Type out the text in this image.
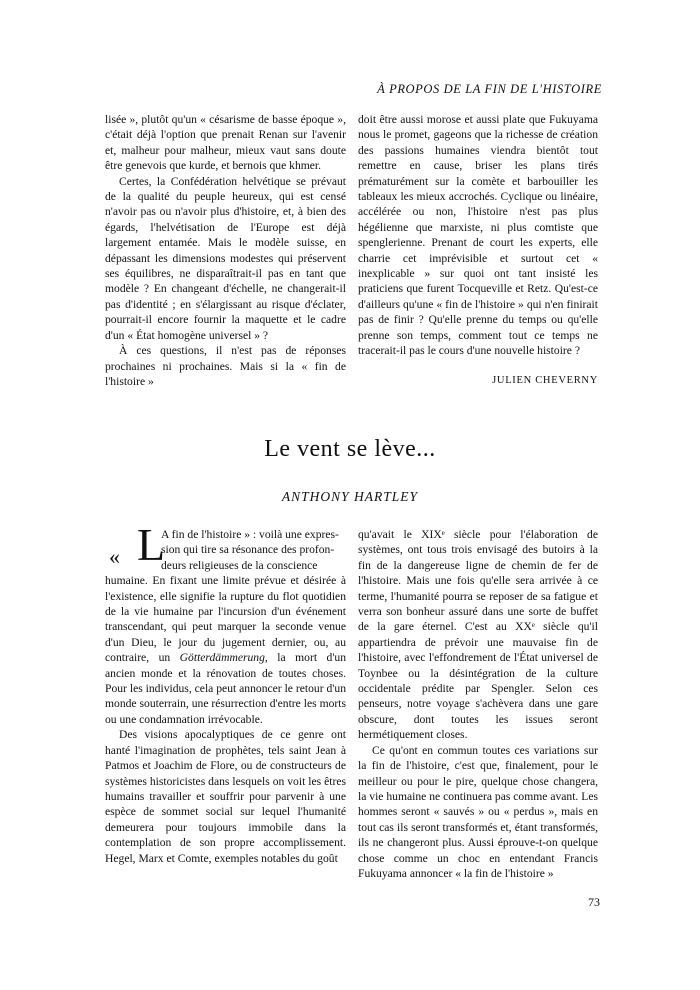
À PROPOS DE LA FIN DE L'HISTOIRE

lisée », plutôt qu'un « césarisme de basse époque », c'était déjà l'option que prenait Renan sur l'avenir et, malheur pour malheur, mieux vaut sans doute être genevois que kurde, et bernois que khmer.

Certes, la Confédération helvétique se prévaut de la qualité du peuple heureux, qui est censé n'avoir pas ou n'avoir plus d'histoire, et, à bien des égards, l'helvétisation de l'Europe est déjà largement entamée. Mais le modèle suisse, en dépassant les dimensions modestes qui préservent ses équilibres, ne disparaîtrait-il pas en tant que modèle ? En changeant d'échelle, ne changerait-il pas d'identité ; en s'élargissant au risque d'éclater, pourrait-il encore fournir la maquette et le cadre d'un « État homogène universel » ?

À ces questions, il n'est pas de réponses prochaines ni prochaines. Mais si la « fin de l'histoire »

doit être aussi morose et aussi plate que Fukuyama nous le promet, gageons que la richesse de création des passions humaines viendra bientôt tout remettre en cause, briser les plans tirés prématurément sur la comète et barbouiller les tableaux les mieux accrochés. Cyclique ou linéaire, accélérée ou non, l'histoire n'est pas plus hégélienne que marxiste, ni plus comtiste que spenglerienne. Prenant de court les experts, elle charrie cet imprévisible et surtout cet « inexplicable » sur quoi ont tant insisté les praticiens que furent Tocqueville et Retz. Qu'est-ce d'ailleurs qu'une « fin de l'histoire » qui n'en finirait pas de finir ? Qu'elle prenne du temps ou qu'elle prenne son temps, comment tout ce temps ne tracerait-il pas le cours d'une nouvelle histoire ?

JULIEN CHEVERNY
Le vent se lève...
ANTHONY HARTLEY
« L
A fin de l'histoire » : voilà une expres-
sion qui tire sa résonance des profon-
deurs religieuses de la conscience

humaine. En fixant une limite prévue et désirée à l'existence, elle signifie la rupture du flot quotidien de la vie humaine par l'incursion d'un événement transcendant, qui peut marquer la seconde venue d'un Dieu, le jour du jugement dernier, ou, au contraire, un Götterdämmerung, la mort d'un ancien monde et la rénovation de toutes choses. Pour les individus, cela peut annoncer le retour d'un monde souterrain, une résurrection d'entre les morts ou une condamnation irrévocable.

Des visions apocalyptiques de ce genre ont hanté l'imagination de prophètes, tels saint Jean à Patmos et Joachim de Flore, ou de constructeurs de systèmes historicistes dans lesquels on voit les êtres humains travailler et souffrir pour parvenir à une espèce de sommet social sur lequel l'humanité demeurera pour toujours immobile dans la contemplation de son propre accomplissement. Hegel, Marx et Comte, exemples notables du goût

qu'avait le XIXᵉ siècle pour l'élaboration de systèmes, ont tous trois envisagé des butoirs à la fin de la dangereuse ligne de chemin de fer de l'histoire. Mais une fois qu'elle sera arrivée à ce terme, l'humanité pourra se reposer de sa fatigue et verra son bonheur assuré dans une sorte de buffet de la gare éternel. C'est au XXᵉ siècle qu'il appartiendra de prévoir une mauvaise fin de l'histoire, avec l'effondrement de l'État universel de Toynbee ou la désintégration de la culture occidentale prédite par Spengler. Selon ces penseurs, notre voyage s'achèvera dans une gare obscure, dont toutes les issues seront hermétiquement closes.

Ce qu'ont en commun toutes ces variations sur la fin de l'histoire, c'est que, finalement, pour le meilleur ou pour le pire, quelque chose changera, la vie humaine ne continuera pas comme avant. Les hommes seront « sauvés » ou « perdus », mais en tout cas ils seront transformés et, étant transformés, ils ne changeront plus. Aussi éprouve-t-on quelque chose comme un choc en entendant Francis Fukuyama annoncer « la fin de l'histoire »

73
